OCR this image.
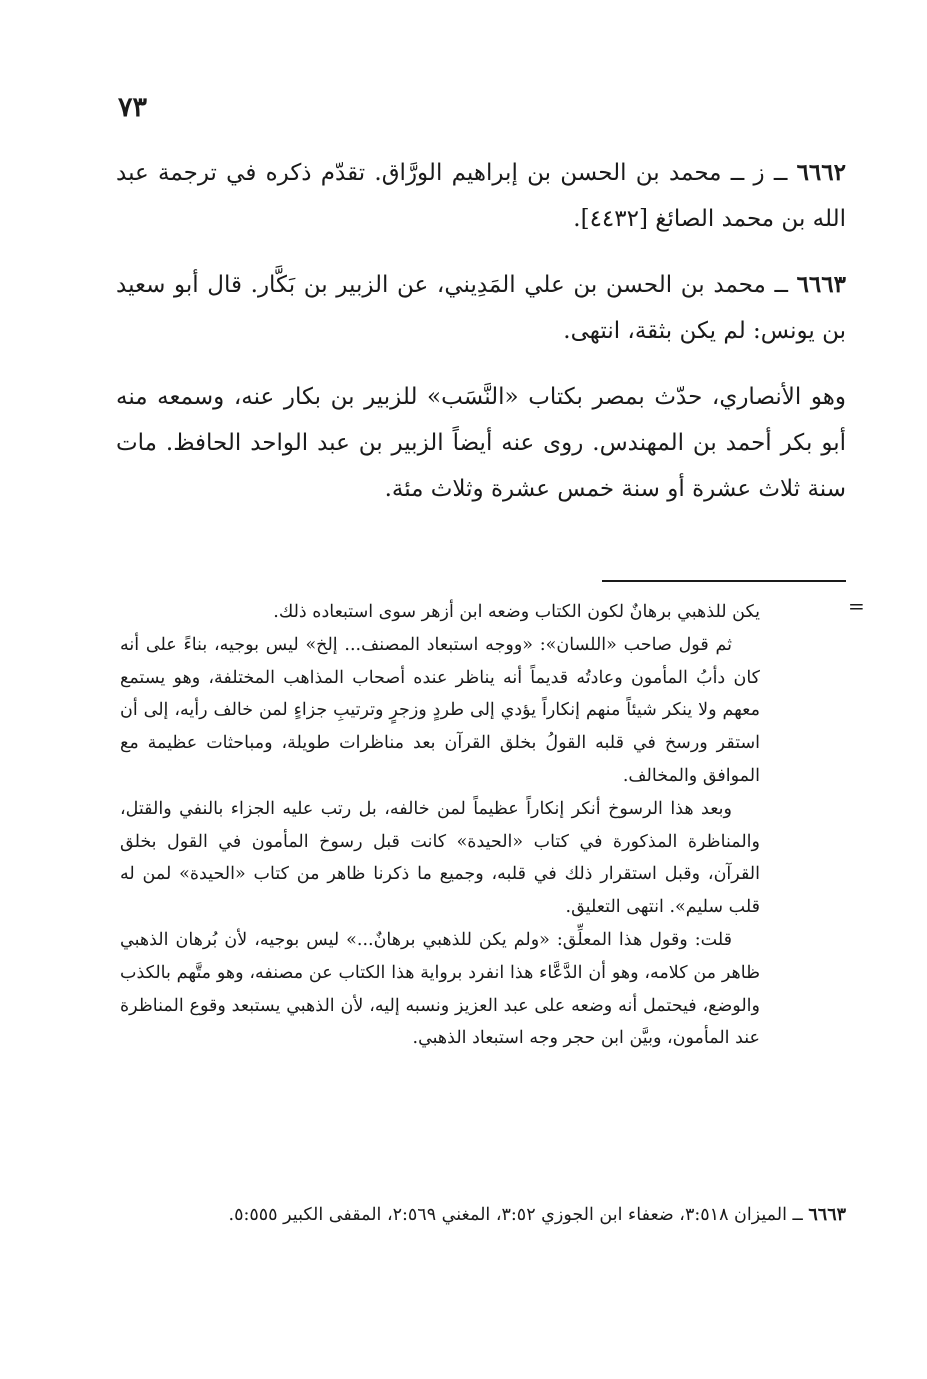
٧٣

٦٦٦٢ ــ ز ــ محمد بن الحسن بن إبراهيم الورَّاق. تقدّم ذكره في ترجمة عبد الله بن محمد الصائغ [٤٤٣٢].

٦٦٦٣ ــ محمد بن الحسن بن علي المَدِيني، عن الزبير بن بَكَّار. قال أبو سعيد بن يونس: لم يكن بثقة، انتهى.

وهو الأنصاري، حدّث بمصر بكتاب «النَّسَب» للزبير بن بكار عنه، وسمعه منه أبو بكر أحمد بن المهندس. روى عنه أيضاً الزبير بن عبد الواحد الحافظ. مات سنة ثلاث عشرة أو سنة خمس عشرة وثلاث مئة.

=

يكن للذهبي برهانٌ لكون الكتاب وضعه ابن أزهر سوى استبعاده ذلك.

ثم قول صاحب «اللسان»: «ووجه استبعاد المصنف... إلخ» ليس بوجيه، بناءً على أنه كان دأبُ المأمون وعادتُه قديماً أنه يناظر عنده أصحاب المذاهب المختلفة، وهو يستمع معهم ولا ينكر شيئاً منهم إنكاراً يؤدي إلى طردٍ وزجرٍ وترتيبِ جزاءٍ لمن خالف رأيه، إلى أن استقر ورسخ في قلبه القولُ بخلق القرآن بعد مناظرات طويلة، ومباحثات عظيمة مع الموافق والمخالف.

وبعد هذا الرسوخ أنكر إنكاراً عظيماً لمن خالفه، بل رتب عليه الجزاء بالنفي والقتل، والمناظرة المذكورة في كتاب «الحيدة» كانت قبل رسوخ المأمون في القول بخلق القرآن، وقبل استقرار ذلك في قلبه، وجميع ما ذكرنا ظاهر من كتاب «الحيدة» لمن له قلب سليم». انتهى التعليق.

قلت: وقول هذا المعلِّق: «ولم يكن للذهبي برهانٌ...» ليس بوجيه، لأن بُرهان الذهبي ظاهر من كلامه، وهو أن الدَّعَّاء هذا انفرد برواية هذا الكتاب عن مصنفه، وهو متَّهم بالكذب والوضع، فيحتمل أنه وضعه على عبد العزيز ونسبه إليه، لأن الذهبي يستبعد وقوع المناظرة عند المأمون، وبيَّن ابن حجر وجه استبعاد الذهبي.

٦٦٦٣ ــ الميزان ٣:٥١٨، ضعفاء ابن الجوزي ٣:٥٢، المغني ٢:٥٦٩، المقفى الكبير ٥:٥٥٥.
